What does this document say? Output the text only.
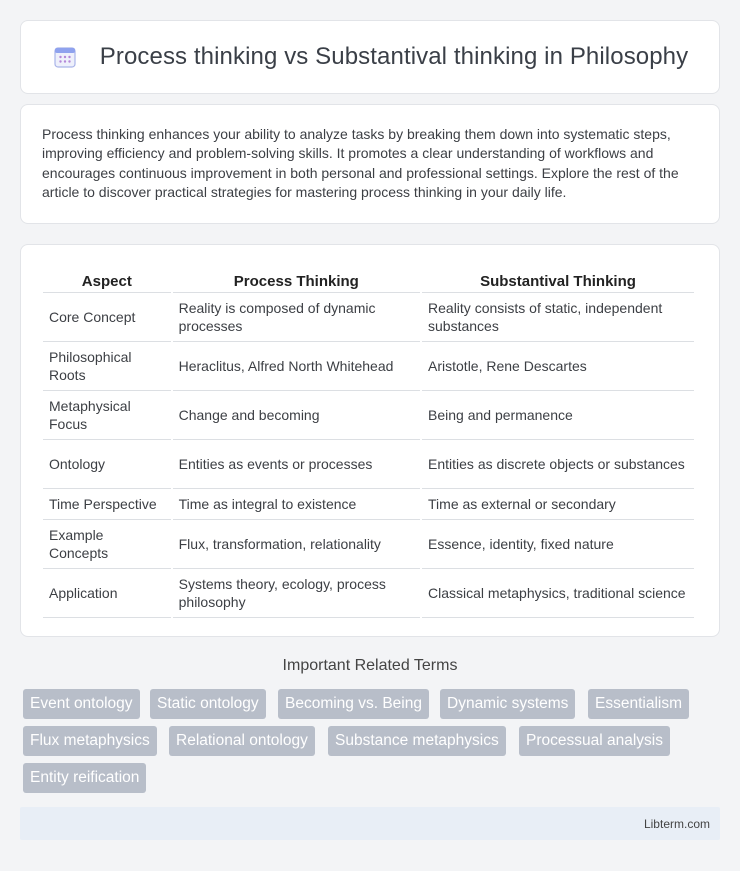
Process thinking vs Substantival thinking in Philosophy

Process thinking enhances your ability to analyze tasks by breaking them down into systematic steps, improving efficiency and problem-solving skills. It promotes a clear understanding of workflows and encourages continuous improvement in both personal and professional settings. Explore the rest of the article to discover practical strategies for mastering process thinking in your daily life.

Aspect	Process Thinking	Substantival Thinking
Core Concept	Reality is composed of dynamic processes	Reality consists of static, independent substances
Philosophical Roots	Heraclitus, Alfred North Whitehead	Aristotle, Rene Descartes
Metaphysical Focus	Change and becoming	Being and permanence
Ontology	Entities as events or processes	Entities as discrete objects or substances
Time Perspective	Time as integral to existence	Time as external or secondary
Example Concepts	Flux, transformation, relationality	Essence, identity, fixed nature
Application	Systems theory, ecology, process philosophy	Classical metaphysics, traditional science
Important Related Terms
Event ontology	Static ontology	Becoming vs. Being	Dynamic systems	Essentialism
Flux metaphysics	Relational ontology	Substance metaphysics	Processual analysis
Entity reification
Libterm.com
